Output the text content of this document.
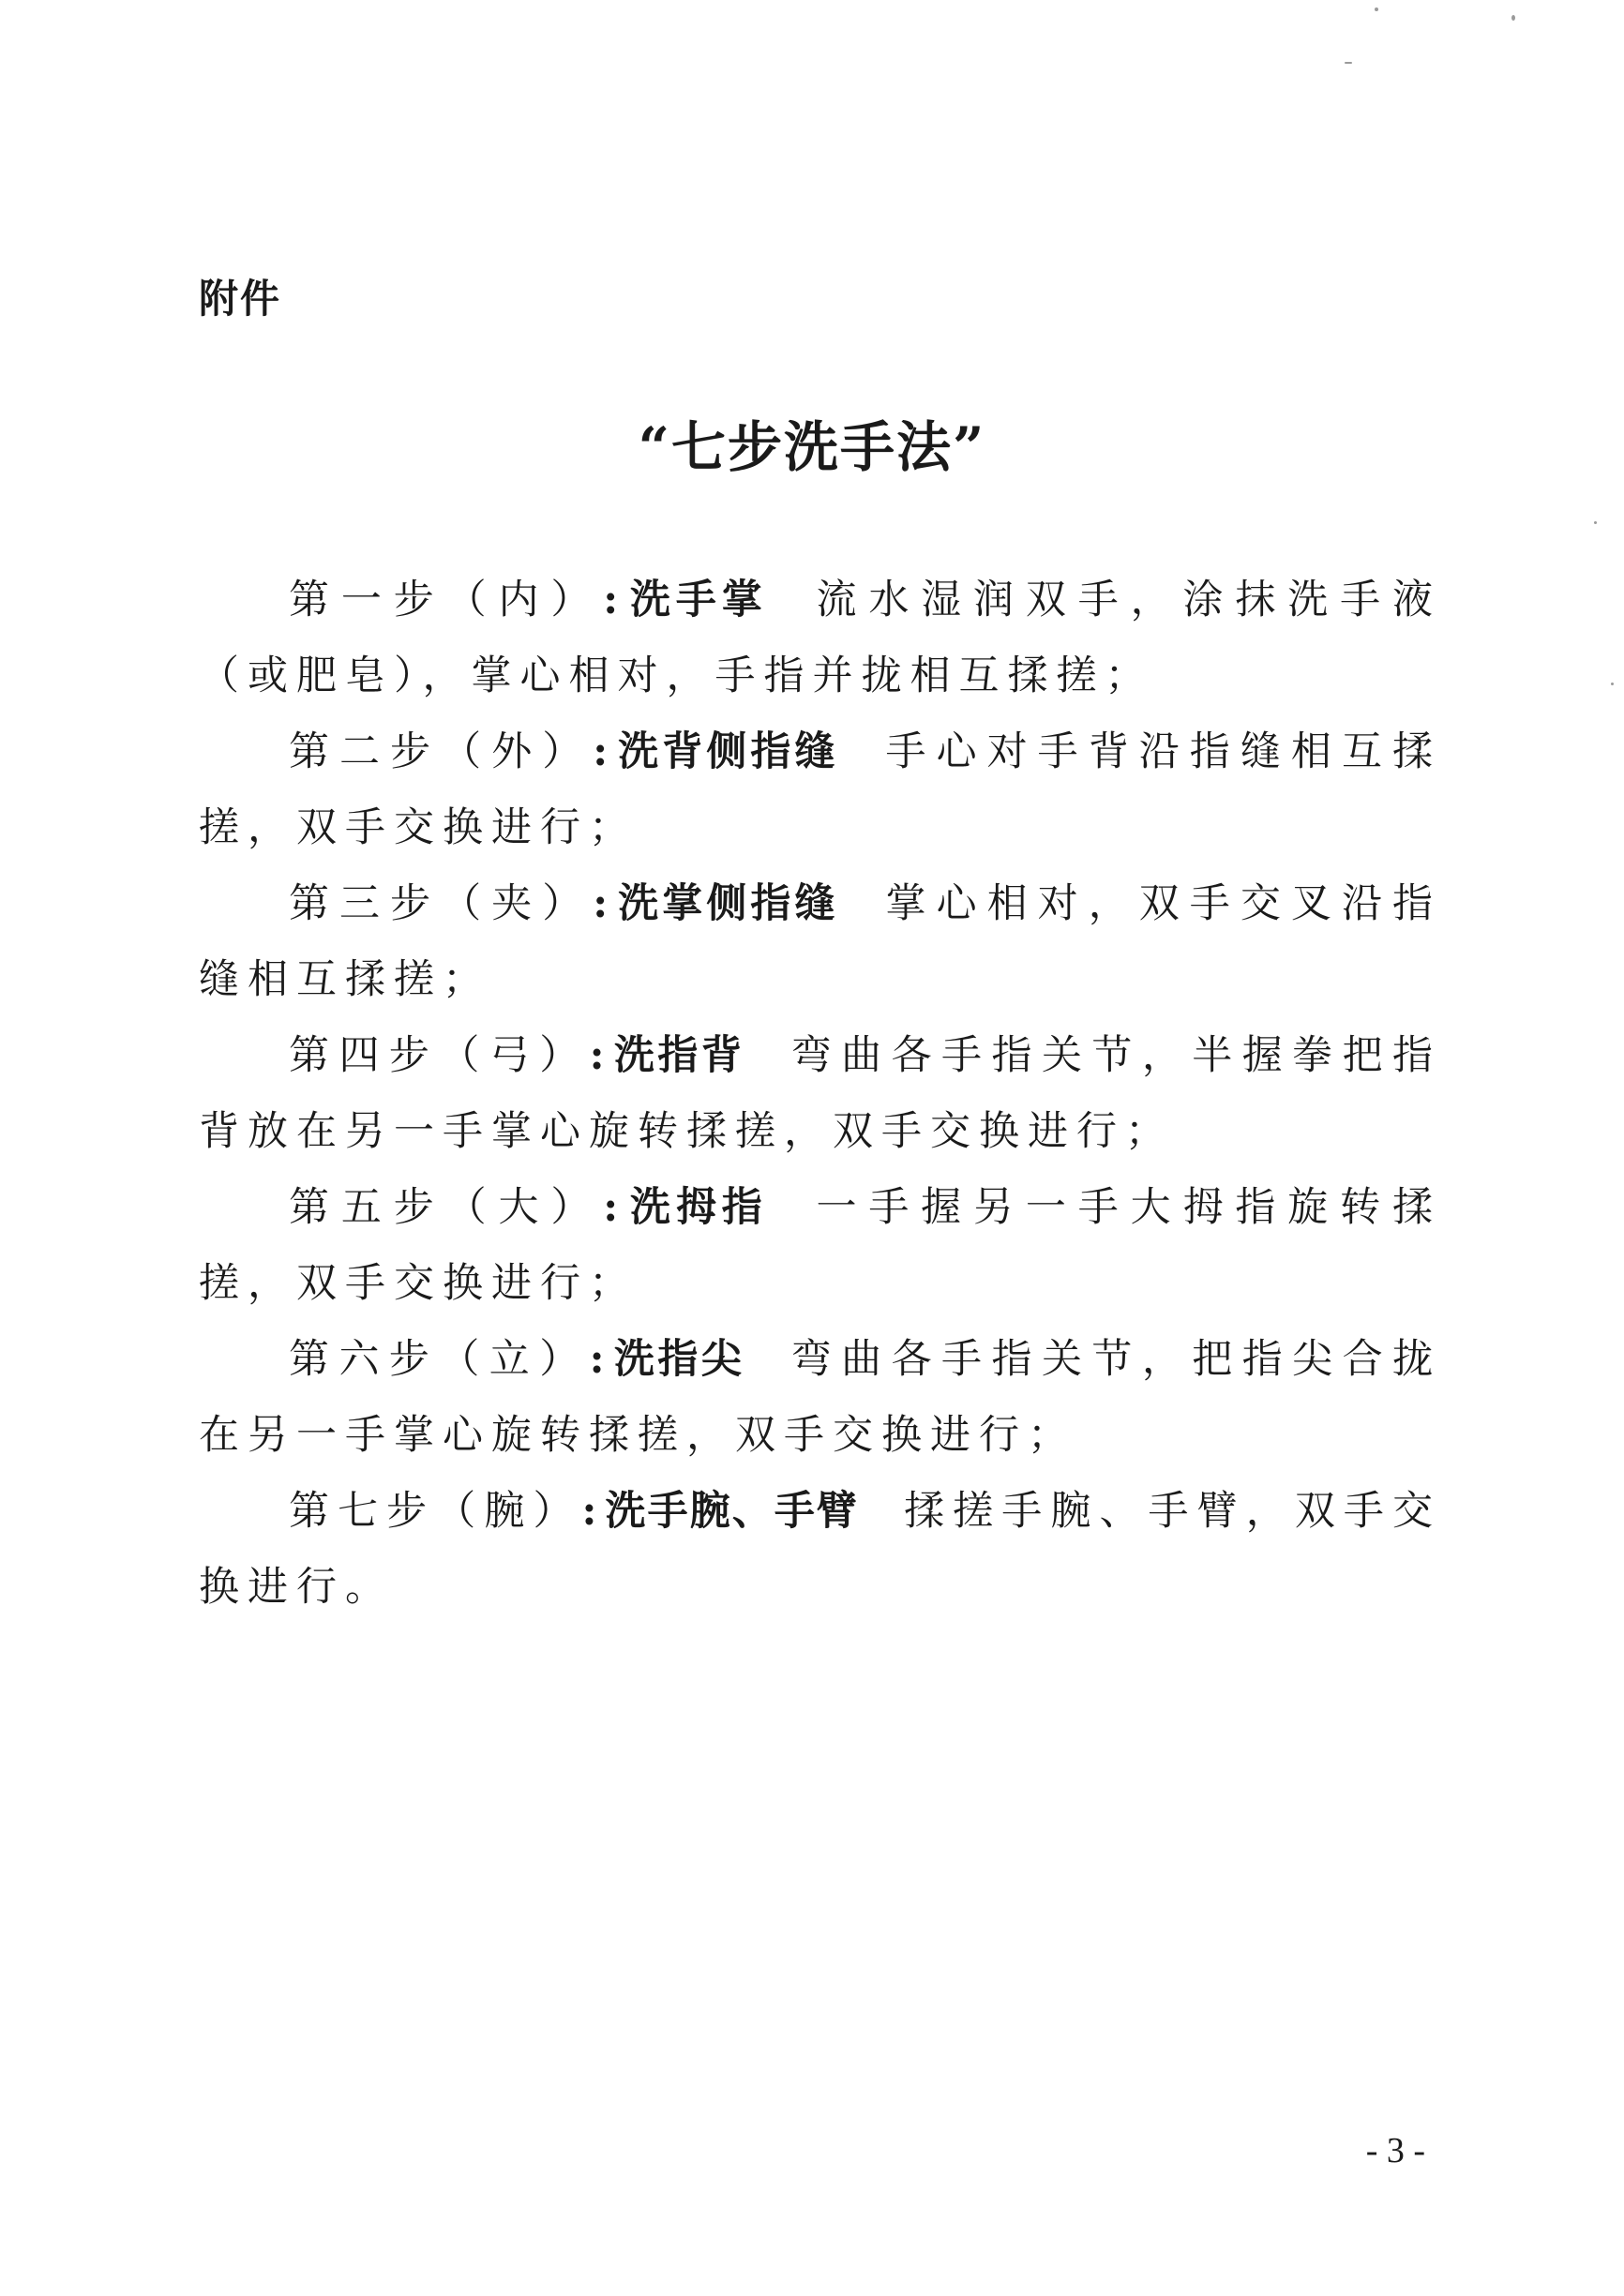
附件
“七步洗手法”

第一步（内）:洗手掌 流水湿润双手，涂抹洗手液（或肥皂），掌心相对，手指并拢相互揉搓；

第二步（外）:洗背侧指缝 手心对手背沿指缝相互揉搓，双手交换进行；

第三步（夹）:洗掌侧指缝 掌心相对，双手交叉沿指缝相互揉搓；

第四步（弓）:洗指背 弯曲各手指关节，半握拳把指背放在另一手掌心旋转揉搓，双手交换进行；

第五步（大）:洗拇指 一手握另一手大拇指旋转揉搓，双手交换进行；

第六步（立）:洗指尖 弯曲各手指关节，把指尖合拢在另一手掌心旋转揉搓，双手交换进行；

第七步（腕）:洗手腕、手臂 揉搓手腕、手臂，双手交换进行。

- 3 -
